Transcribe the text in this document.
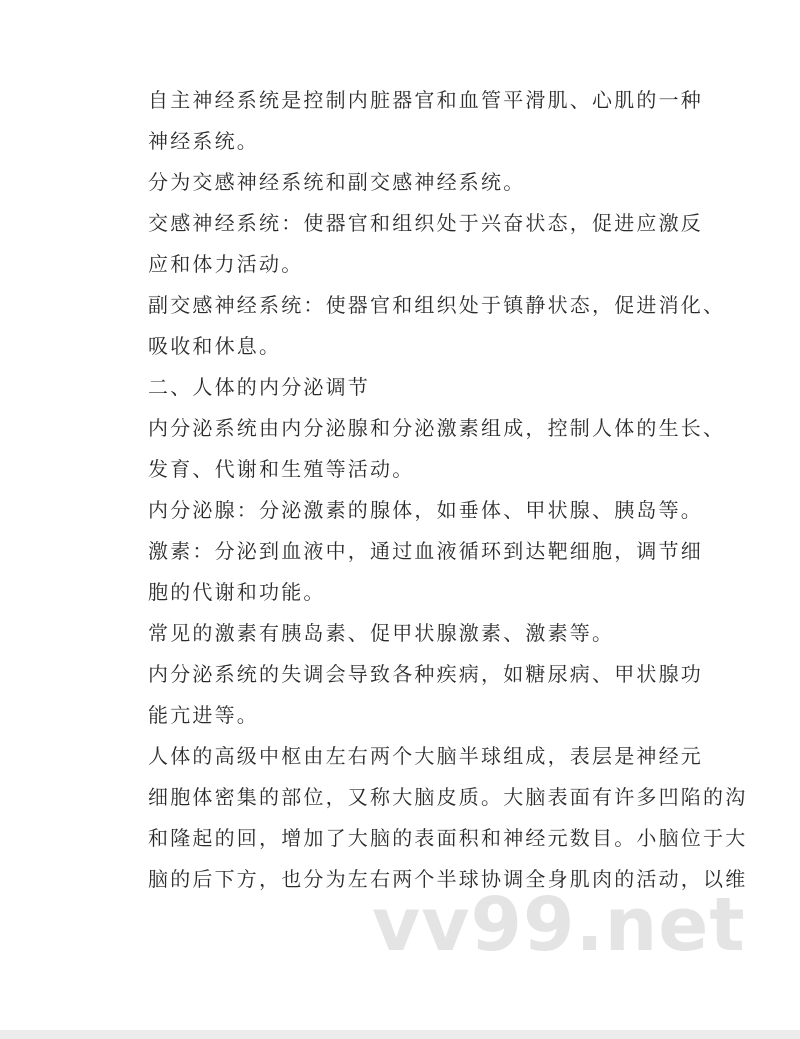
自主神经系统是控制内脏器官和血管平滑肌、心肌的一种
神经系统。

分为交感神经系统和副交感神经系统。

交感神经系统：使器官和组织处于兴奋状态，促进应激反
应和体力活动。

副交感神经系统：使器官和组织处于镇静状态，促进消化、
吸收和休息。

二、人体的内分泌调节

内分泌系统由内分泌腺和分泌激素组成，控制人体的生长、
发育、代谢和生殖等活动。

内分泌腺：分泌激素的腺体，如垂体、甲状腺、胰岛等。

激素：分泌到血液中，通过血液循环到达靶细胞，调节细
胞的代谢和功能。

常见的激素有胰岛素、促甲状腺激素、激素等。

内分泌系统的失调会导致各种疾病，如糖尿病、甲状腺功
能亢进等。

人体的高级中枢由左右两个大脑半球组成，表层是神经元
细胞体密集的部位，又称大脑皮质。大脑表面有许多凹陷的沟
和隆起的回，增加了大脑的表面积和神经元数目。小脑位于大
脑的后下方，也分为左右两个半球协调全身肌肉的活动，以维

vv99.net
